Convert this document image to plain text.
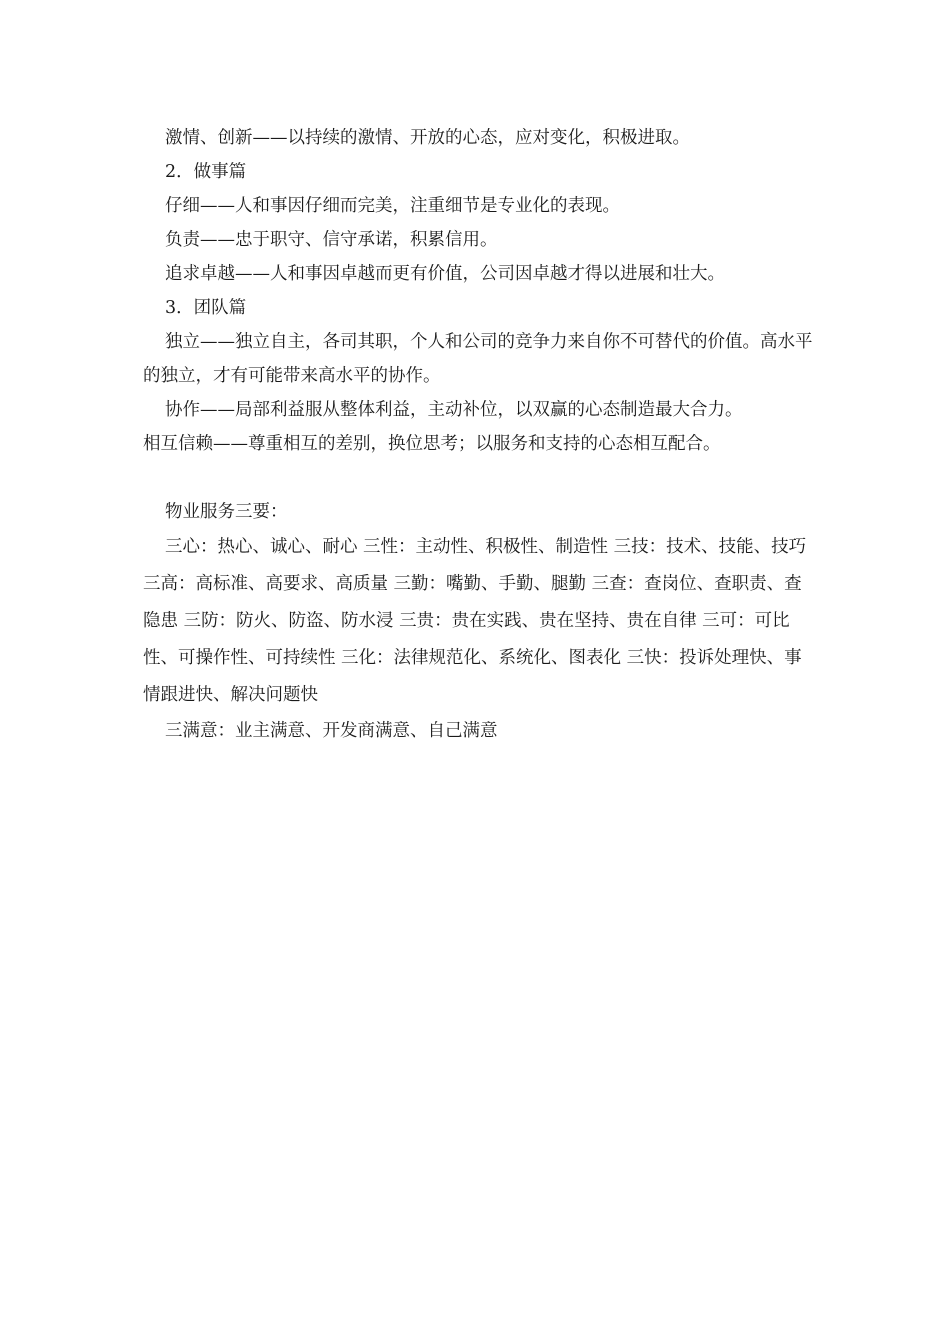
激情、创新——以持续的激情、开放的心态，应对变化，积极进取。

2．做事篇

仔细——人和事因仔细而完美，注重细节是专业化的表现。

负责——忠于职守、信守承诺，积累信用。

追求卓越——人和事因卓越而更有价值，公司因卓越才得以进展和壮大。

3．团队篇

独立——独立自主，各司其职，个人和公司的竞争力来自你不可替代的价值。高水平的独立，才有可能带来高水平的协作。

协作——局部利益服从整体利益，主动补位，以双赢的心态制造最大合力。

相互信赖——尊重相互的差别，换位思考；以服务和支持的心态相互配合。

物业服务三要：

三心：热心、诚心、耐心 三性：主动性、积极性、制造性 三技：技术、技能、技巧 三高：高标准、高要求、高质量 三勤：嘴勤、手勤、腿勤 三查：查岗位、查职责、查隐患 三防：防火、防盗、防水浸 三贵：贵在实践、贵在坚持、贵在自律 三可：可比性、可操作性、可持续性 三化：法律规范化、系统化、图表化 三快：投诉处理快、事情跟进快、解决问题快

三满意：业主满意、开发商满意、自己满意
